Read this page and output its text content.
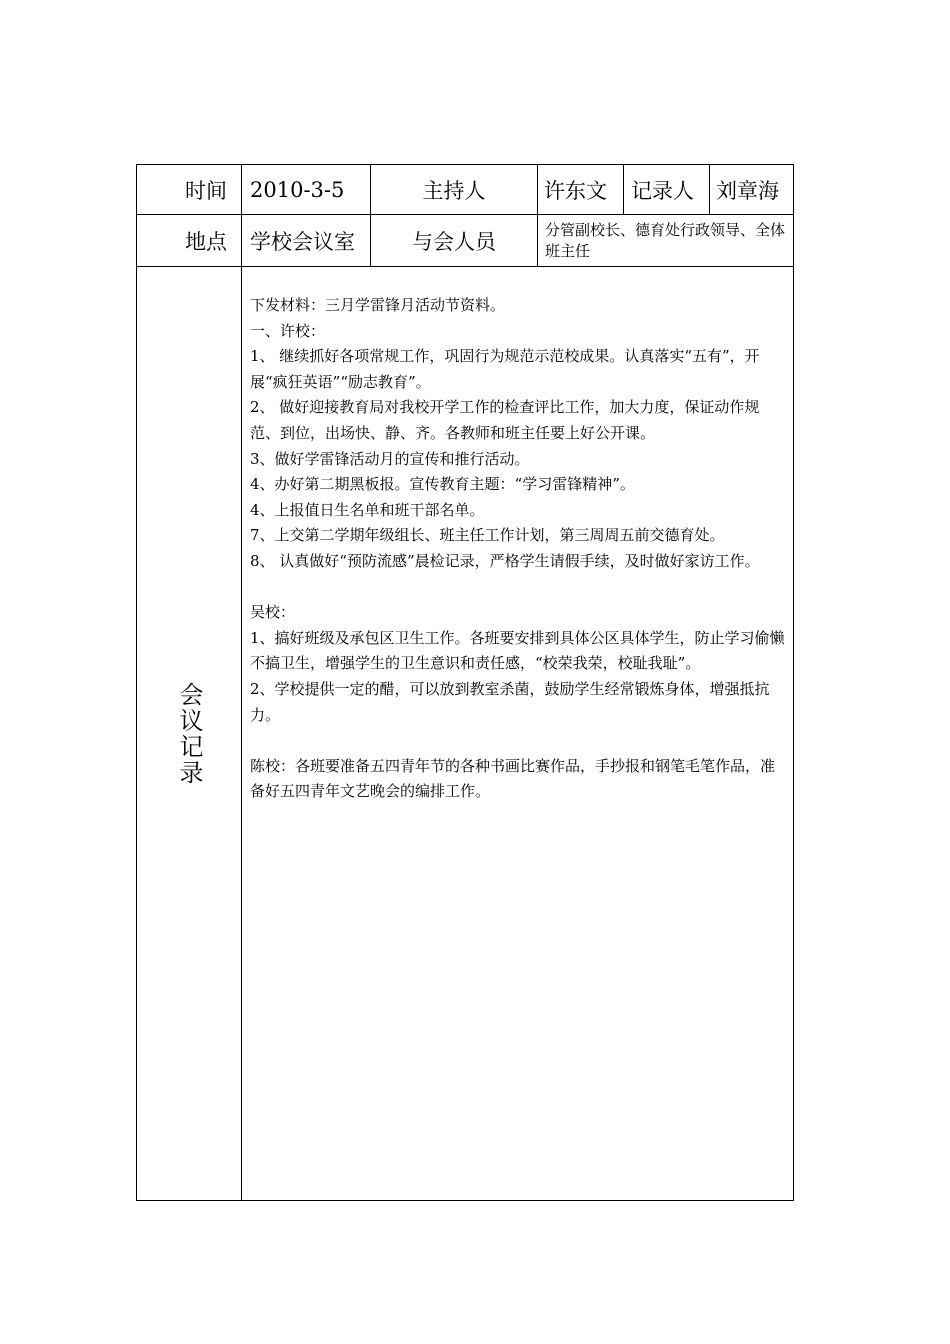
时间	2010-3-5	主持人	许东文	记录人	刘章海
地点	学校会议室	与会人员	分管副校长、德育处行政领导、全体班主任
会议记录

下发材料：三月学雷锋月活动节资料。

一、许校：

1、 继续抓好各项常规工作，巩固行为规范示范校成果。认真落实“五有”，开展“疯狂英语”“励志教育”。

2、 做好迎接教育局对我校开学工作的检查评比工作，加大力度，保证动作规范、到位，出场快、静、齐。各教师和班主任要上好公开课。

3、做好学雷锋活动月的宣传和推行活动。

4、办好第二期黑板报。宣传教育主题：“学习雷锋精神”。

4、上报值日生名单和班干部名单。

7、上交第二学期年级组长、班主任工作计划，第三周周五前交德育处。

8、 认真做好“预防流感”晨检记录，严格学生请假手续，及时做好家访工作。

吴校：

1、搞好班级及承包区卫生工作。各班要安排到具体公区具体学生，防止学习偷懒不搞卫生，增强学生的卫生意识和责任感，“校荣我荣，校耻我耻”。

2、学校提供一定的醋，可以放到教室杀菌，鼓励学生经常锻炼身体，增强抵抗力。

陈校：各班要准备五四青年节的各种书画比赛作品，手抄报和钢笔毛笔作品，准备好五四青年文艺晚会的编排工作。
